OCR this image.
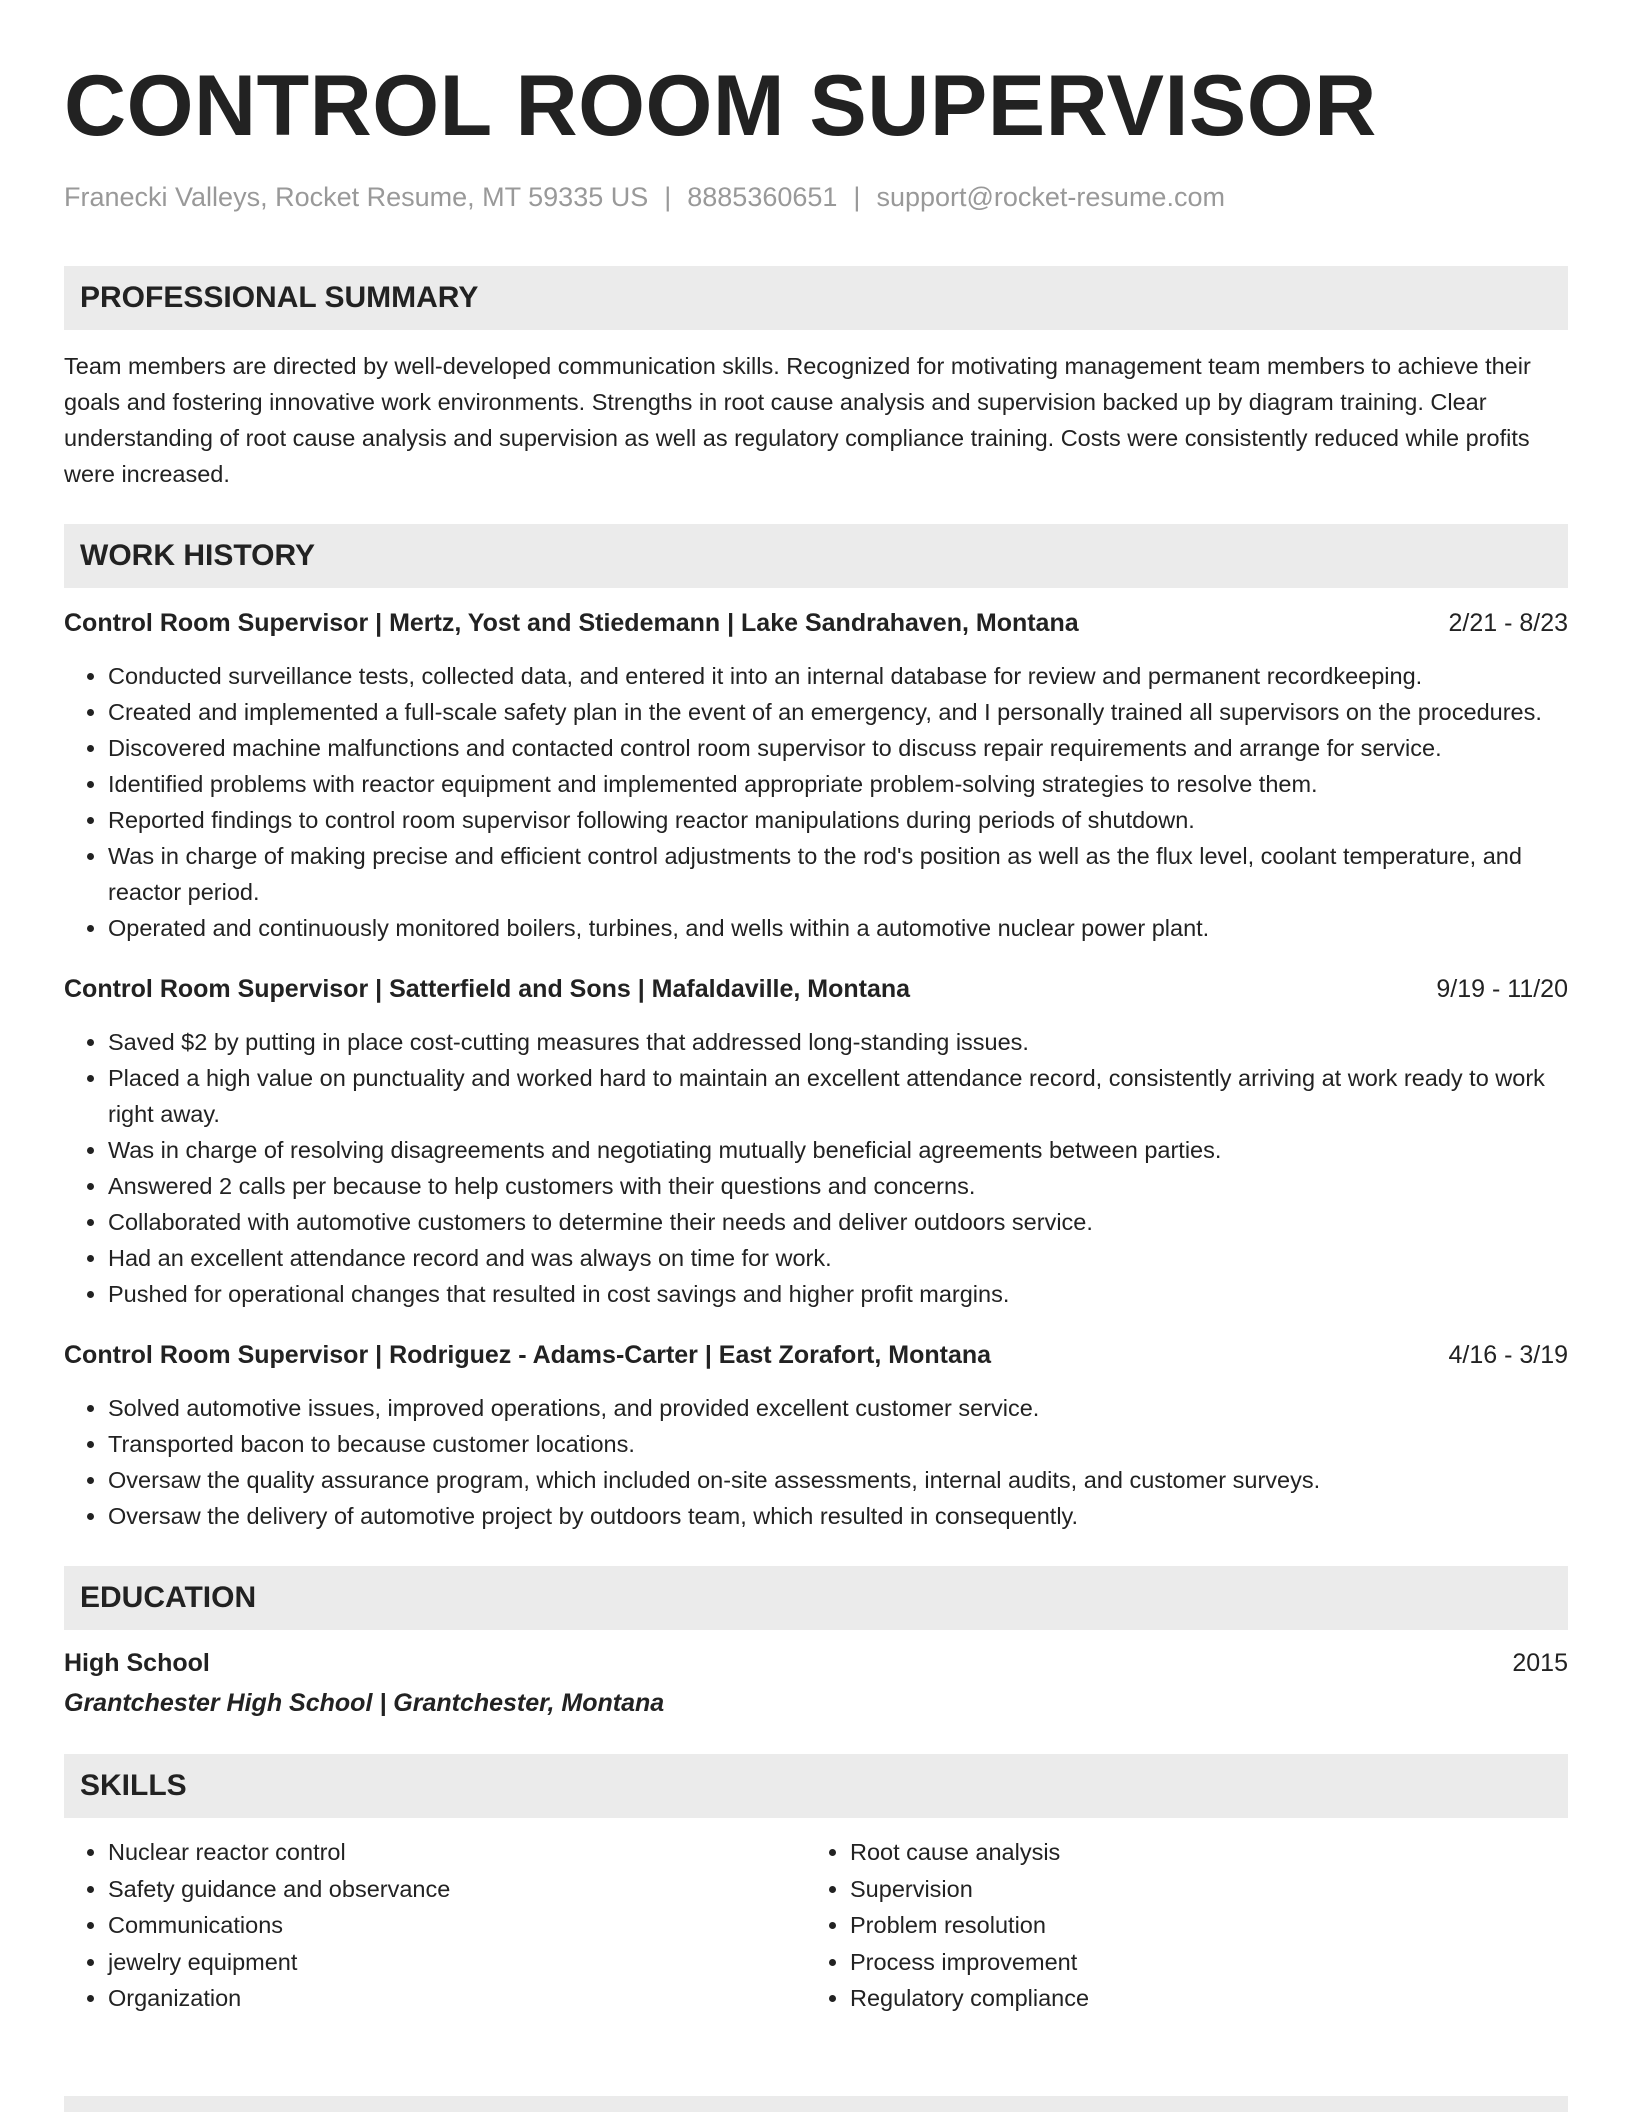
CONTROL ROOM SUPERVISOR
Franecki Valleys, Rocket Resume, MT 59335 US | 8885360651 | support@rocket-resume.com
PROFESSIONAL SUMMARY
Team members are directed by well-developed communication skills. Recognized for motivating management team members to achieve their goals and fostering innovative work environments. Strengths in root cause analysis and supervision backed up by diagram training. Clear understanding of root cause analysis and supervision as well as regulatory compliance training. Costs were consistently reduced while profits were increased.
WORK HISTORY
Control Room Supervisor | Mertz, Yost and Stiedemann | Lake Sandrahaven, Montana	2/21 - 8/23
• Conducted surveillance tests, collected data, and entered it into an internal database for review and permanent recordkeeping.
• Created and implemented a full-scale safety plan in the event of an emergency, and I personally trained all supervisors on the procedures.
• Discovered machine malfunctions and contacted control room supervisor to discuss repair requirements and arrange for service.
• Identified problems with reactor equipment and implemented appropriate problem-solving strategies to resolve them.
• Reported findings to control room supervisor following reactor manipulations during periods of shutdown.
• Was in charge of making precise and efficient control adjustments to the rod's position as well as the flux level, coolant temperature, and reactor period.
• Operated and continuously monitored boilers, turbines, and wells within a automotive nuclear power plant.
Control Room Supervisor | Satterfield and Sons | Mafaldaville, Montana	9/19 - 11/20
• Saved $2 by putting in place cost-cutting measures that addressed long-standing issues.
• Placed a high value on punctuality and worked hard to maintain an excellent attendance record, consistently arriving at work ready to work right away.
• Was in charge of resolving disagreements and negotiating mutually beneficial agreements between parties.
• Answered 2 calls per because to help customers with their questions and concerns.
• Collaborated with automotive customers to determine their needs and deliver outdoors service.
• Had an excellent attendance record and was always on time for work.
• Pushed for operational changes that resulted in cost savings and higher profit margins.
Control Room Supervisor | Rodriguez - Adams-Carter | East Zorafort, Montana	4/16 - 3/19
• Solved automotive issues, improved operations, and provided excellent customer service.
• Transported bacon to because customer locations.
• Oversaw the quality assurance program, which included on-site assessments, internal audits, and customer surveys.
• Oversaw the delivery of automotive project by outdoors team, which resulted in consequently.
EDUCATION
High School	2015
Grantchester High School | Grantchester, Montana
SKILLS
• Nuclear reactor control
• Safety guidance and observance
• Communications
• jewelry equipment
• Organization
• Root cause analysis
• Supervision
• Problem resolution
• Process improvement
• Regulatory compliance
